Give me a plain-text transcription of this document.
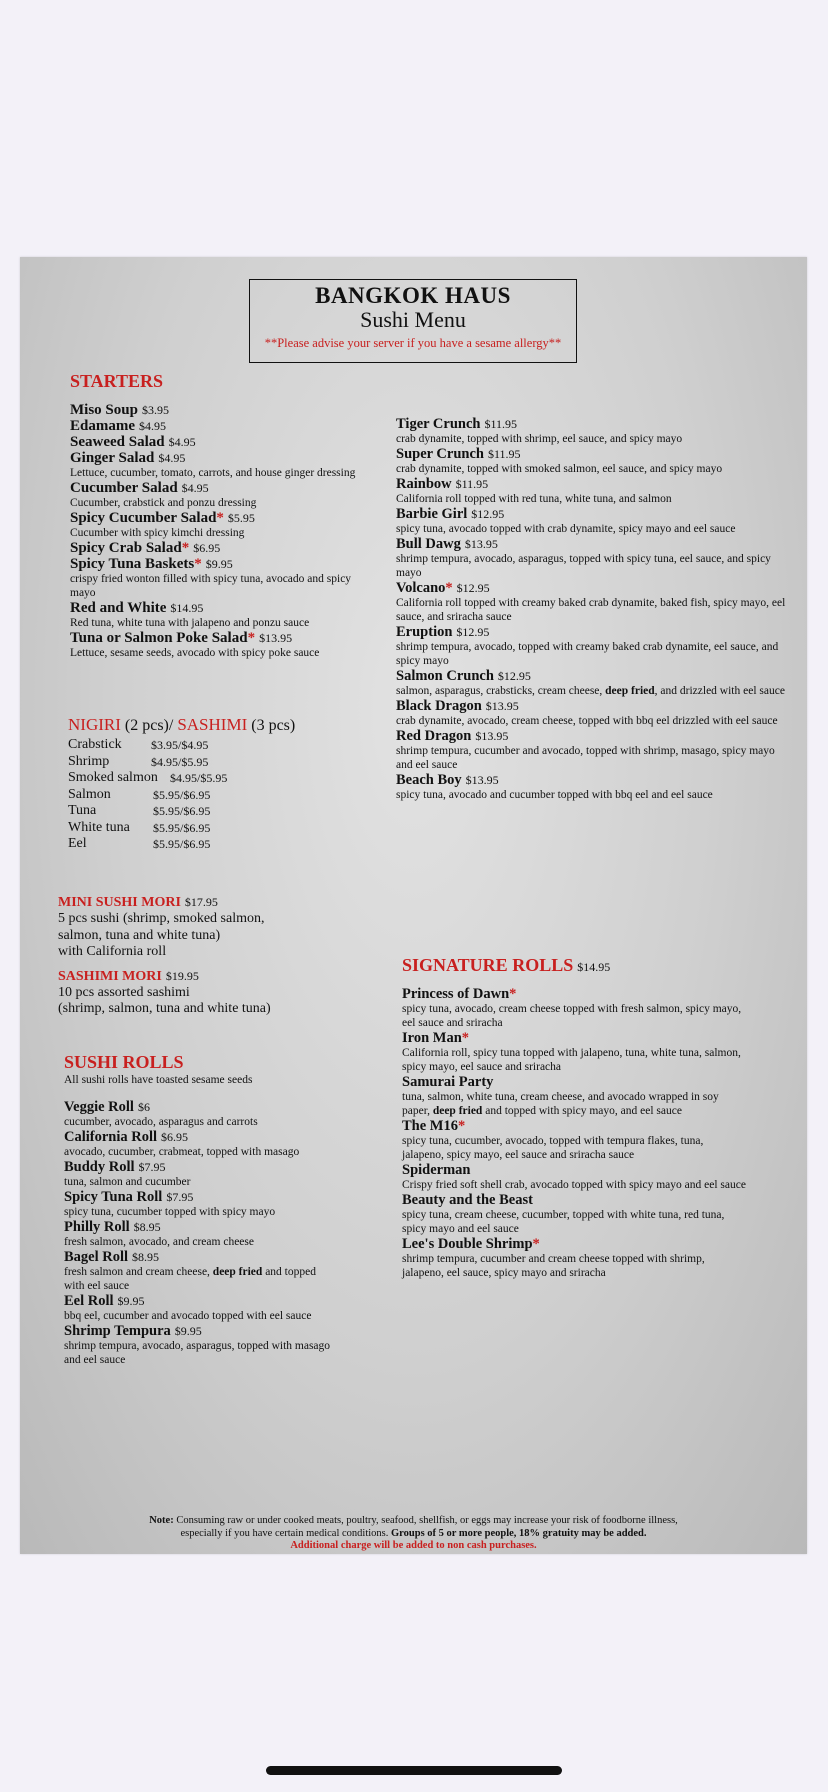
BANGKOK HAUS
Sushi Menu
**Please advise your server if you have a sesame allergy**
STARTERS
Miso Soup $3.95
Edamame $4.95
Seaweed Salad $4.95
Ginger Salad $4.95
Lettuce, cucumber, tomato, carrots, and house ginger dressing
Cucumber Salad $4.95
Cucumber, crabstick and ponzu dressing
Spicy Cucumber Salad* $5.95
Cucumber with spicy kimchi dressing
Spicy Crab Salad* $6.95
Spicy Tuna Baskets* $9.95
crispy fried wonton filled with spicy tuna, avocado and spicy mayo
Red and White $14.95
Red tuna, white tuna with jalapeno and ponzu sauce
Tuna or Salmon Poke Salad* $13.95
Lettuce, sesame seeds, avocado with spicy poke sauce
NIGIRI (2 pcs)/ SASHIMI (3 pcs)
Crabstick $3.95/$4.95
Shrimp	$4.95/$5.95
Smoked salmon $4.95/$5.95
Salmon	$5.95/$6.95
Tuna	$5.95/$6.95
White tuna $5.95/$6.95
Eel	$5.95/$6.95
MINI SUSHI MORI $17.95
5 pcs sushi (shrimp, smoked salmon,
salmon, tuna and white tuna)
with California roll
SASHIMI MORI $19.95
10 pcs assorted sashimi
(shrimp, salmon, tuna and white tuna)
SUSHI ROLLS
All sushi rolls have toasted sesame seeds
Veggie Roll $6
cucumber, avocado, asparagus and carrots
California Roll $6.95
avocado, cucumber, crabmeat, topped with masago
Buddy Roll $7.95
tuna, salmon and cucumber
Spicy Tuna Roll $7.95
spicy tuna, cucumber topped with spicy mayo
Philly Roll $8.95
fresh salmon, avocado, and cream cheese
Bagel Roll $8.95
fresh salmon and cream cheese, deep fried and topped with eel sauce
Eel Roll $9.95
bbq eel, cucumber and avocado topped with eel sauce
Shrimp Tempura $9.95
shrimp tempura, avocado, asparagus, topped with masago and eel sauce
Tiger Crunch $11.95
crab dynamite, topped with shrimp, eel sauce, and spicy mayo
Super Crunch $11.95
crab dynamite, topped with smoked salmon, eel sauce, and spicy mayo
Rainbow $11.95
California roll topped with red tuna, white tuna, and salmon
Barbie Girl $12.95
spicy tuna, avocado topped with crab dynamite, spicy mayo and eel sauce
Bull Dawg $13.95
shrimp tempura, avocado, asparagus, topped with spicy tuna, eel sauce, and spicy mayo
Volcano* $12.95
California roll topped with creamy baked crab dynamite, baked fish, spicy mayo, eel sauce, and sriracha sauce
Eruption $12.95
shrimp tempura, avocado, topped with creamy baked crab dynamite, eel sauce, and spicy mayo
Salmon Crunch $12.95
salmon, asparagus, crabsticks, cream cheese, deep fried, and drizzled with eel sauce
Black Dragon $13.95
crab dynamite, avocado, cream cheese, topped with bbq eel drizzled with eel sauce
Red Dragon $13.95
shrimp tempura, cucumber and avocado, topped with shrimp, masago, spicy mayo and eel sauce
Beach Boy $13.95
spicy tuna, avocado and cucumber topped with bbq eel and eel sauce
SIGNATURE ROLLS $14.95
Princess of Dawn*
spicy tuna, avocado, cream cheese topped with fresh salmon, spicy mayo, eel sauce and sriracha
Iron Man*
California roll, spicy tuna topped with jalapeno, tuna, white tuna, salmon, spicy mayo, eel sauce and sriracha
Samurai Party
tuna, salmon, white tuna, cream cheese, and avocado wrapped in soy paper, deep fried and topped with spicy mayo, and eel sauce
The M16*
spicy tuna, cucumber, avocado, topped with tempura flakes, tuna, jalapeno, spicy mayo, eel sauce and sriracha sauce
Spiderman
Crispy fried soft shell crab, avocado topped with spicy mayo and eel sauce
Beauty and the Beast
spicy tuna, cream cheese, cucumber, topped with white tuna, red tuna, spicy mayo and eel sauce
Lee's Double Shrimp*
shrimp tempura, cucumber and cream cheese topped with shrimp, jalapeno, eel sauce, spicy mayo and sriracha
Note: Consuming raw or under cooked meats, poultry, seafood, shellfish, or eggs may increase your risk of foodborne illness,
especially if you have certain medical conditions. Groups of 5 or more people, 18% gratuity may be added.
Additional charge will be added to non cash purchases.
